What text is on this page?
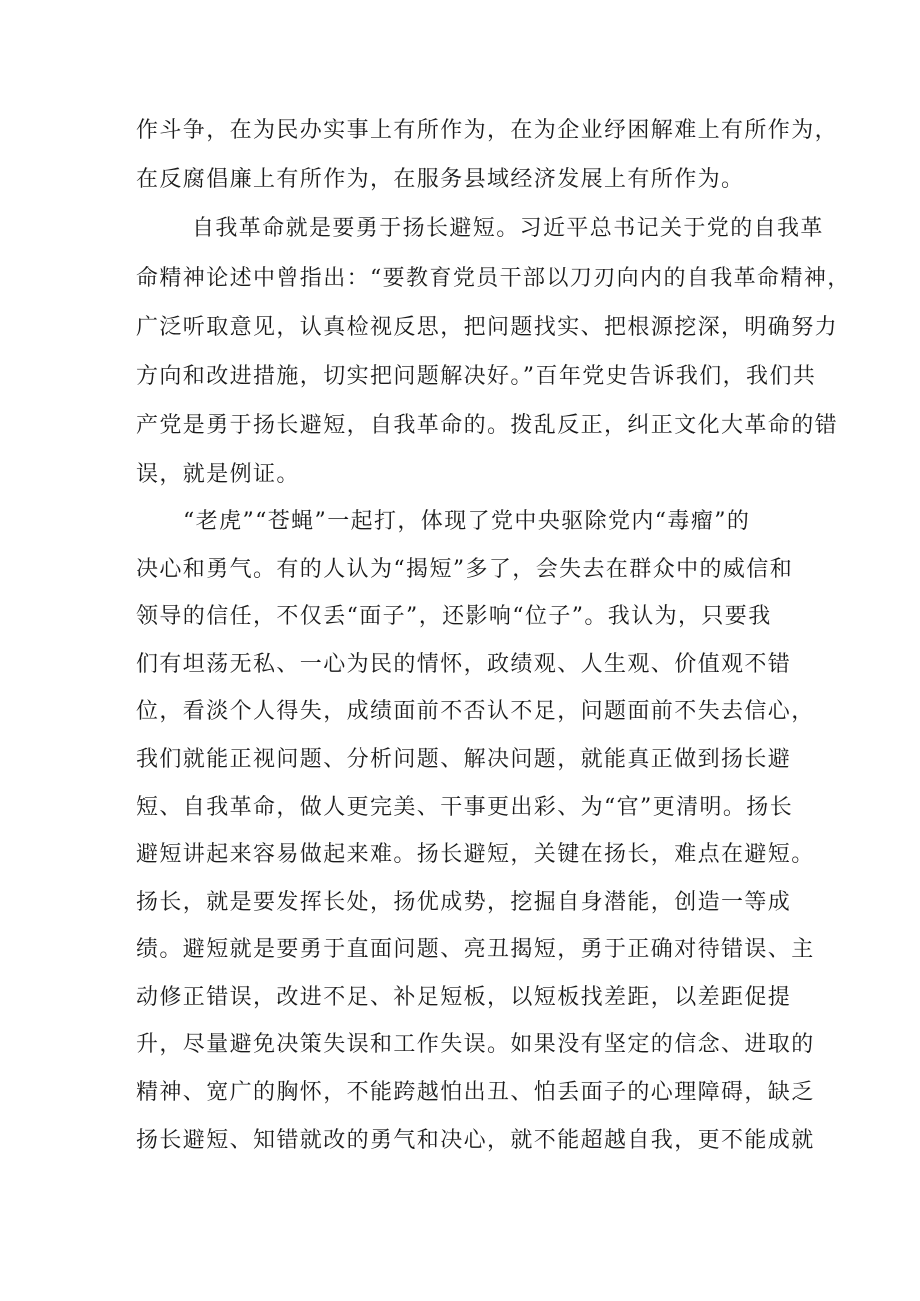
作斗争，在为民办实事上有所作为，在为企业纾困解难上有所作为，
在反腐倡廉上有所作为，在服务县域经济发展上有所作为。
自我革命就是要勇于扬长避短。习近平总书记关于党的自我革
命精神论述中曾指出：“要教育党员干部以刀刃向内的自我革命精神，
广泛听取意见，认真检视反思，把问题找实、把根源挖深，明确努力
方向和改进措施，切实把问题解决好。”百年党史告诉我们，我们共
产党是勇于扬长避短，自我革命的。拨乱反正，纠正文化大革命的错
误，就是例证。
“老虎”“苍蝇”一起打，体现了党中央驱除党内“毒瘤”的
决心和勇气。有的人认为“揭短”多了，会失去在群众中的威信和
领导的信任，不仅丢“面子”，还影响“位子”。我认为，只要我
们有坦荡无私、一心为民的情怀，政绩观、人生观、价值观不错
位，看淡个人得失，成绩面前不否认不足，问题面前不失去信心，
我们就能正视问题、分析问题、解决问题，就能真正做到扬长避
短、自我革命，做人更完美、干事更出彩、为“官”更清明。扬长
避短讲起来容易做起来难。扬长避短，关键在扬长，难点在避短。
扬长，就是要发挥长处，扬优成势，挖掘自身潜能，创造一等成
绩。避短就是要勇于直面问题、亮丑揭短，勇于正确对待错误、主
动修正错误，改进不足、补足短板，以短板找差距，以差距促提
升，尽量避免决策失误和工作失误。如果没有坚定的信念、进取的
精神、宽广的胸怀，不能跨越怕出丑、怕丢面子的心理障碍，缺乏
扬长避短、知错就改的勇气和决心，就不能超越自我，更不能成就
